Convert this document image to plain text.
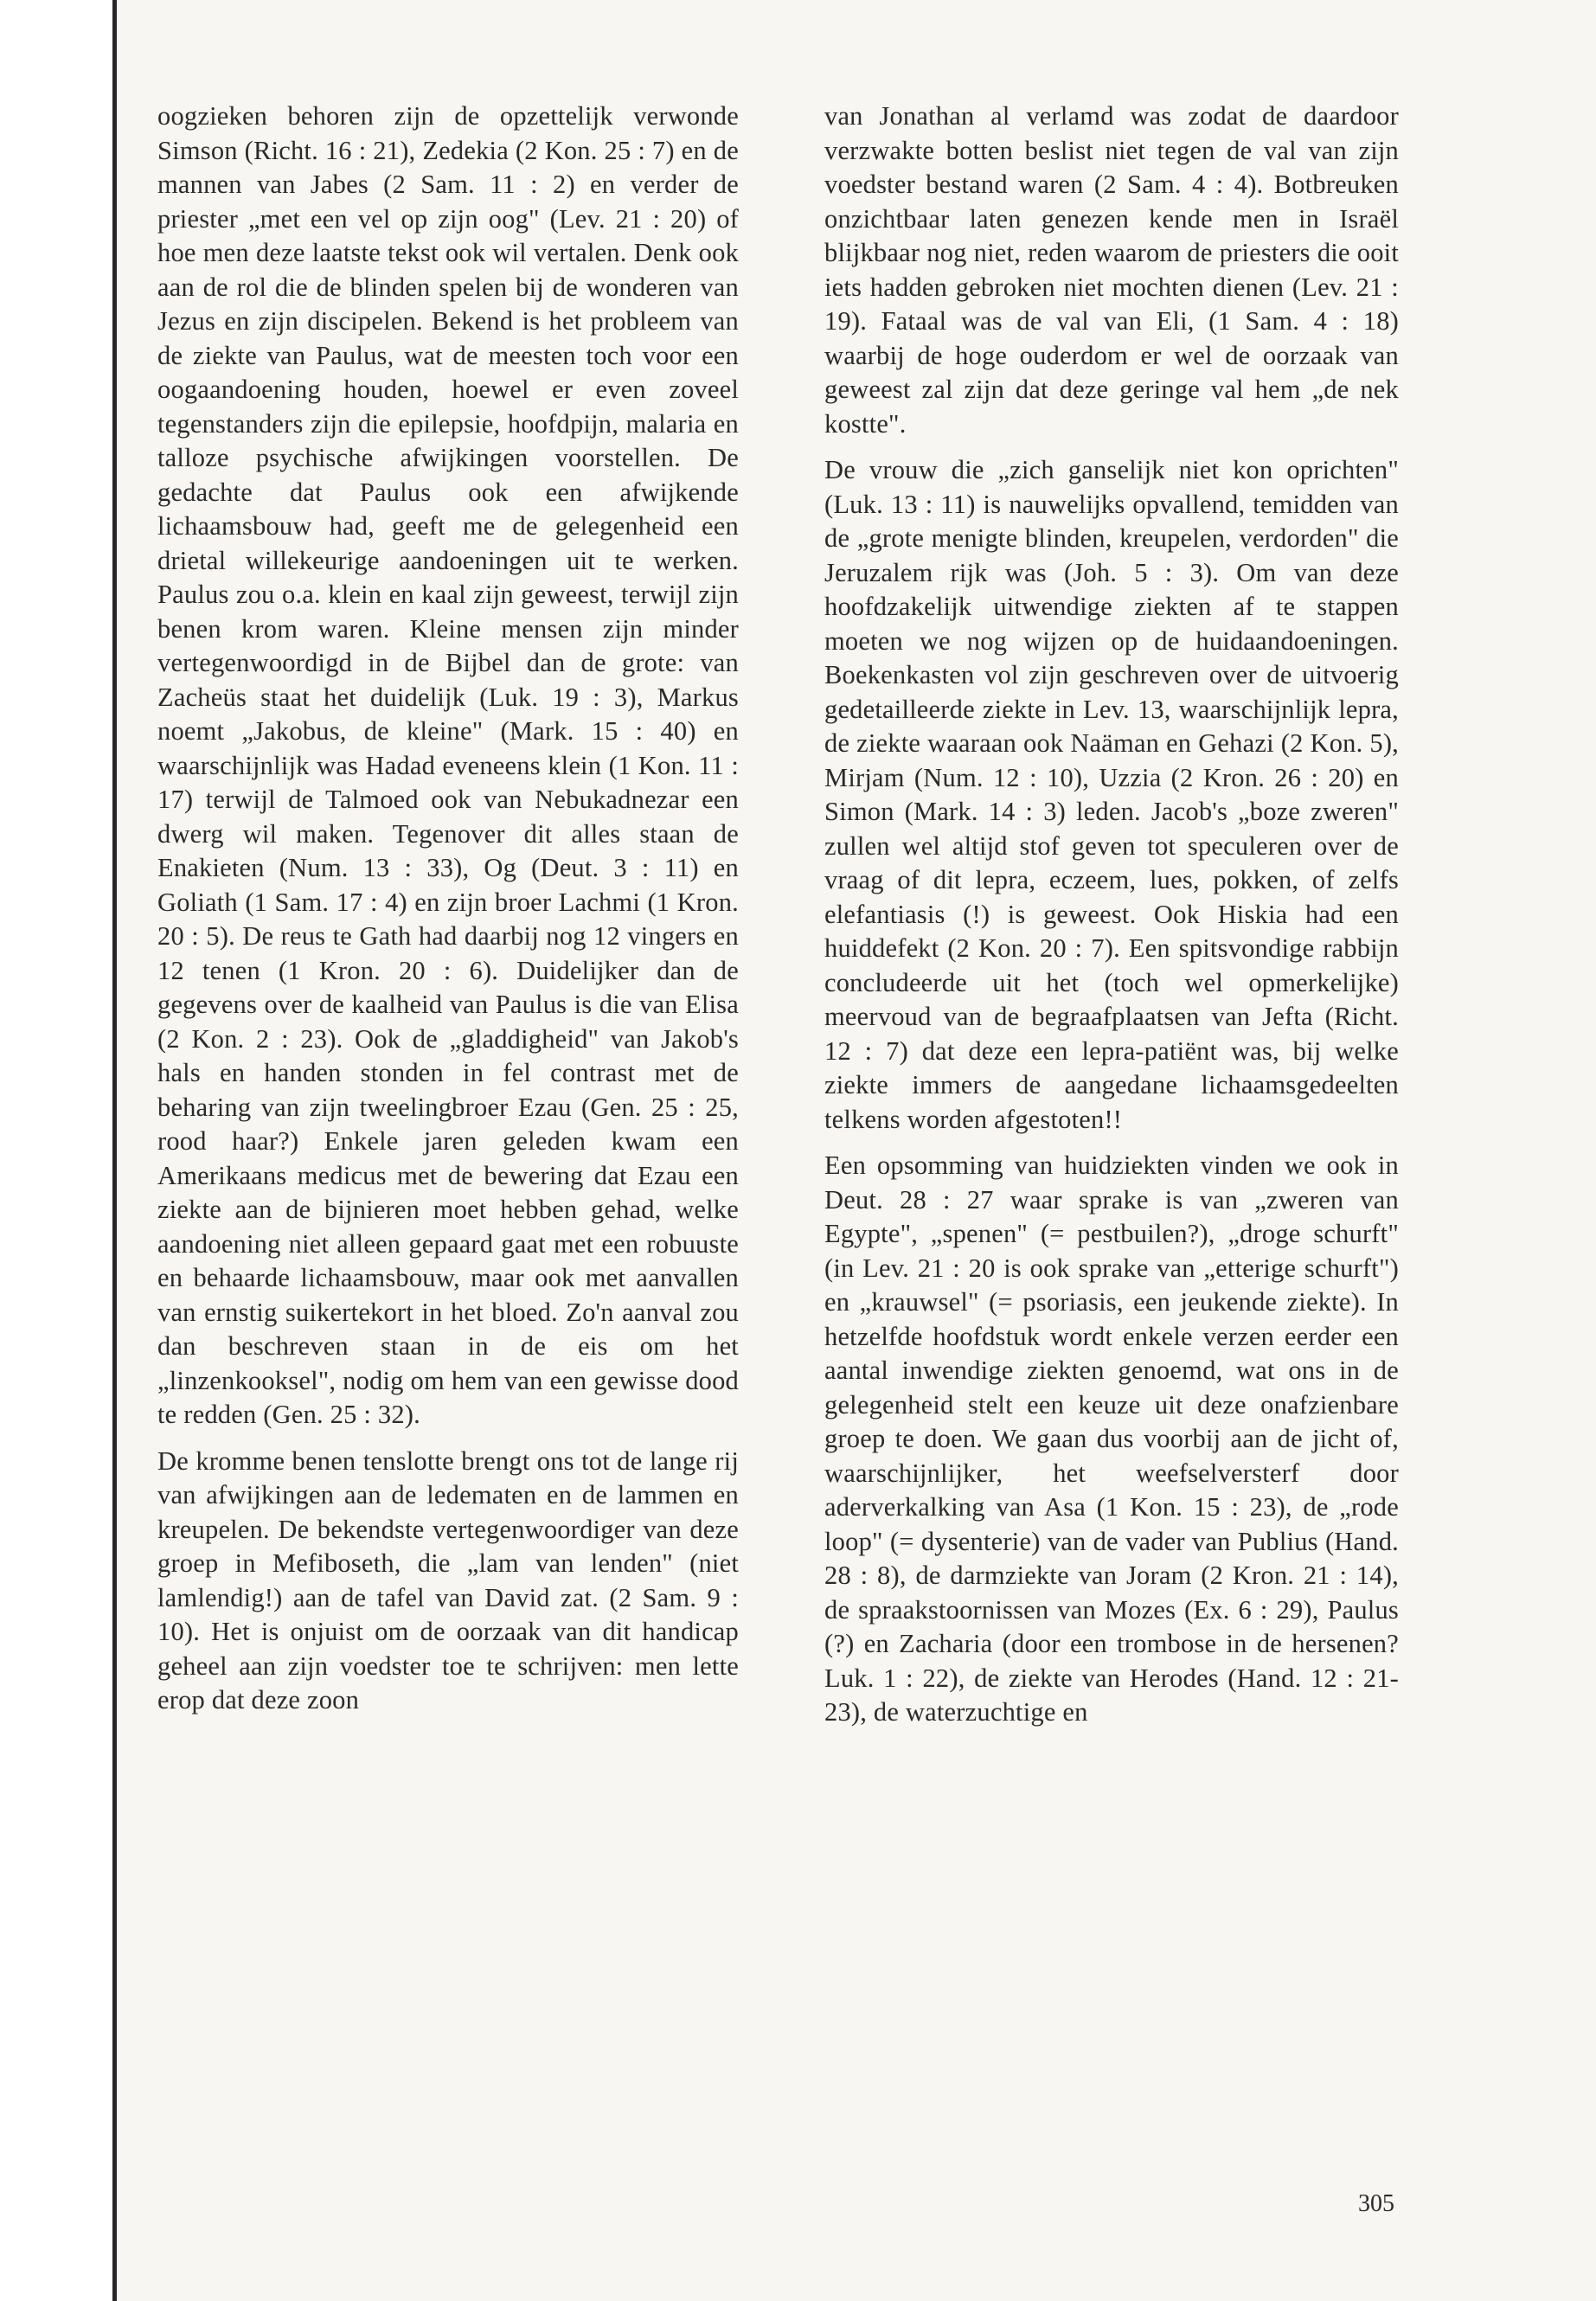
oogzieken behoren zijn de opzettelijk verwonde Simson (Richt. 16 : 21), Zedekia (2 Kon. 25 : 7) en de mannen van Jabes (2 Sam. 11 : 2) en verder de priester „met een vel op zijn oog" (Lev. 21 : 20) of hoe men deze laatste tekst ook wil vertalen. Denk ook aan de rol die de blinden spelen bij de wonderen van Jezus en zijn discipelen. Bekend is het probleem van de ziekte van Paulus, wat de meesten toch voor een oogaandoening houden, hoewel er even zoveel tegenstanders zijn die epilepsie, hoofdpijn, malaria en talloze psychische afwijkingen voorstellen. De gedachte dat Paulus ook een afwijkende lichaamsbouw had, geeft me de gelegenheid een drietal willekeurige aandoeningen uit te werken. Paulus zou o.a. klein en kaal zijn geweest, terwijl zijn benen krom waren. Kleine mensen zijn minder vertegenwoordigd in de Bijbel dan de grote: van Zacheüs staat het duidelijk (Luk. 19 : 3), Markus noemt „Jakobus, de kleine" (Mark. 15 : 40) en waarschijnlijk was Hadad eveneens klein (1 Kon. 11 : 17) terwijl de Talmoed ook van Nebukadnezar een dwerg wil maken. Tegenover dit alles staan de Enakieten (Num. 13 : 33), Og (Deut. 3 : 11) en Goliath (1 Sam. 17 : 4) en zijn broer Lachmi (1 Kron. 20 : 5). De reus te Gath had daarbij nog 12 vingers en 12 tenen (1 Kron. 20 : 6). Duidelijker dan de gegevens over de kaalheid van Paulus is die van Elisa (2 Kon. 2 : 23). Ook de „gladdigheid" van Jakob's hals en handen stonden in fel contrast met de beharing van zijn tweelingbroer Ezau (Gen. 25 : 25, rood haar?) Enkele jaren geleden kwam een Amerikaans medicus met de bewering dat Ezau een ziekte aan de bijnieren moet hebben gehad, welke aandoening niet alleen gepaard gaat met een robuuste en behaarde lichaamsbouw, maar ook met aanvallen van ernstig suikertekort in het bloed. Zo'n aanval zou dan beschreven staan in de eis om het „linzenkooksel", nodig om hem van een gewisse dood te redden (Gen. 25 : 32).

De kromme benen tenslotte brengt ons tot de lange rij van afwijkingen aan de ledematen en de lammen en kreupelen. De bekendste vertegenwoordiger van deze groep in Mefiboseth, die „lam van lenden" (niet lamlendig!) aan de tafel van David zat. (2 Sam. 9 : 10). Het is onjuist om de oorzaak van dit handicap geheel aan zijn voedster toe te schrijven: men lette erop dat deze zoon

van Jonathan al verlamd was zodat de daardoor verzwakte botten beslist niet tegen de val van zijn voedster bestand waren (2 Sam. 4 : 4). Botbreuken onzichtbaar laten genezen kende men in Israël blijkbaar nog niet, reden waarom de priesters die ooit iets hadden gebroken niet mochten dienen (Lev. 21 : 19). Fataal was de val van Eli, (1 Sam. 4 : 18) waarbij de hoge ouderdom er wel de oorzaak van geweest zal zijn dat deze geringe val hem „de nek kostte".

De vrouw die „zich ganselijk niet kon oprichten" (Luk. 13 : 11) is nauwelijks opvallend, temidden van de „grote menigte blinden, kreupelen, verdorden" die Jeruzalem rijk was (Joh. 5 : 3). Om van deze hoofdzakelijk uitwendige ziekten af te stappen moeten we nog wijzen op de huidaandoeningen. Boekenkasten vol zijn geschreven over de uitvoerig gedetailleerde ziekte in Lev. 13, waarschijnlijk lepra, de ziekte waaraan ook Naäman en Gehazi (2 Kon. 5), Mirjam (Num. 12 : 10), Uzzia (2 Kron. 26 : 20) en Simon (Mark. 14 : 3) leden. Jacob's „boze zweren" zullen wel altijd stof geven tot speculeren over de vraag of dit lepra, eczeem, lues, pokken, of zelfs elefantiasis (!) is geweest. Ook Hiskia had een huiddefekt (2 Kon. 20 : 7). Een spitsvondige rabbijn concludeerde uit het (toch wel opmerkelijke) meervoud van de begraafplaatsen van Jefta (Richt. 12 : 7) dat deze een lepra-patiënt was, bij welke ziekte immers de aangedane lichaamsgedeelten telkens worden afgestoten!!

Een opsomming van huidziekten vinden we ook in Deut. 28 : 27 waar sprake is van „zweren van Egypte", „spenen" (= pestbuilen?), „droge schurft" (in Lev. 21 : 20 is ook sprake van „etterige schurft") en „krauwsel" (= psoriasis, een jeukende ziekte). In hetzelfde hoofdstuk wordt enkele verzen eerder een aantal inwendige ziekten genoemd, wat ons in de gelegenheid stelt een keuze uit deze onafzienbare groep te doen. We gaan dus voorbij aan de jicht of, waarschijnlijker, het weefselversterf door aderverkalking van Asa (1 Kon. 15 : 23), de „rode loop" (= dysenterie) van de vader van Publius (Hand. 28 : 8), de darmziekte van Joram (2 Kron. 21 : 14), de spraakstoornissen van Mozes (Ex. 6 : 29), Paulus (?) en Zacharia (door een trombose in de hersenen? Luk. 1 : 22), de ziekte van Herodes (Hand. 12 : 21-23), de waterzuchtige en

305
